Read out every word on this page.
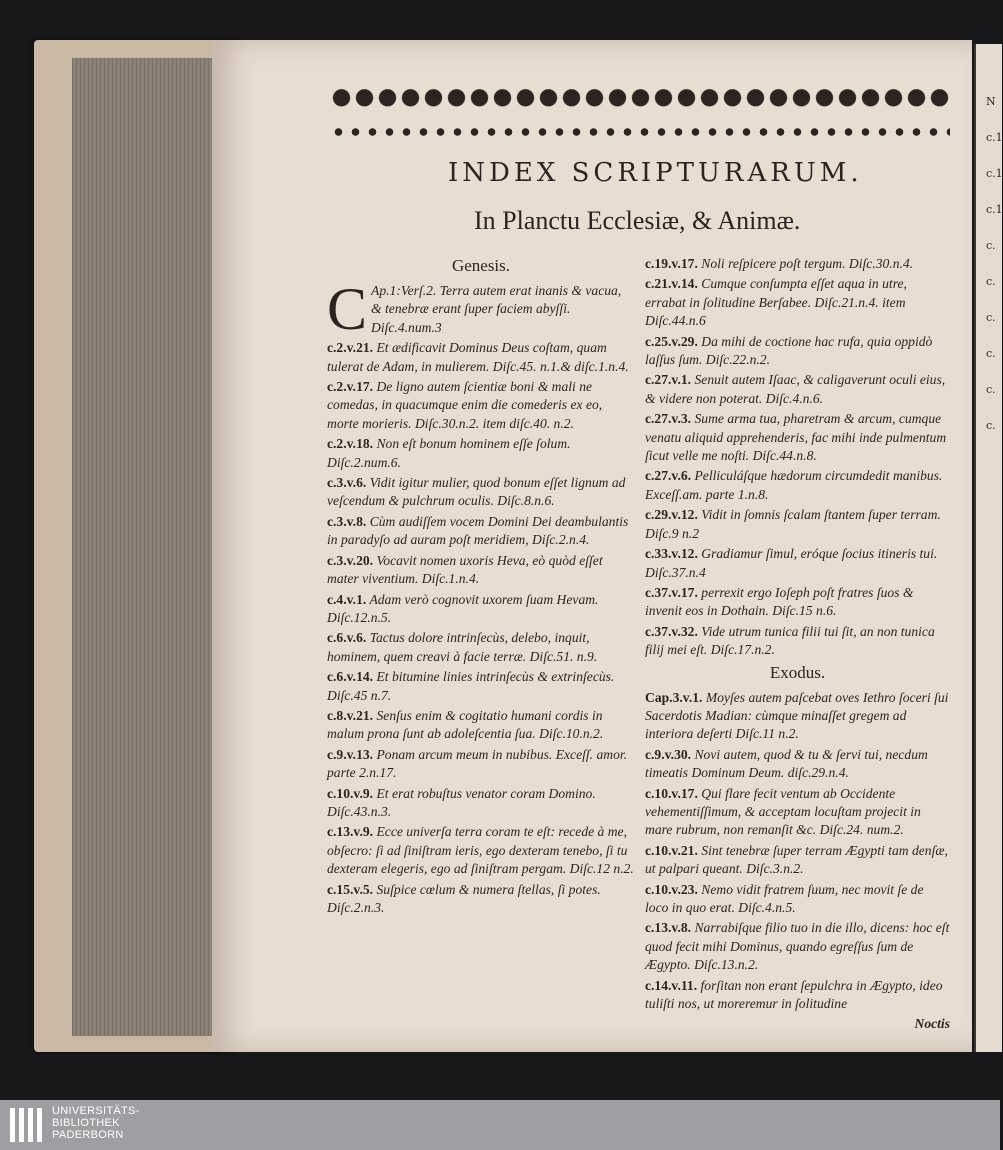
N
c.1
c.1
c.1
c.
c.
c.
c.
c.
c.
INDEX SCRIPTURARUM.
In Planctu Ecclesiæ, & Animæ.
Genesis.
CAp.1:Verſ.2. Terra autem erat inanis & vacua, & tenebræ erant ſuper faciem abyſſi. Diſc.4.num.3
c.2.v.21. Et ædificavit Dominus Deus coſtam, quam tulerat de Adam, in mulierem. Diſc.45. n.1.& diſc.1.n.4.
c.2.v.17. De ligno autem ſcientiæ boni & mali ne comedas, in quacumque enim die comederis ex eo, morte morieris. Diſc.30.n.2. item diſc.40. n.2.
c.2.v.18. Non eſt bonum hominem eſſe ſolum. Diſc.2.num.6.
c.3.v.6. Vidit igitur mulier, quod bonum eſſet lignum ad veſcendum & pulchrum oculis. Diſc.8.n.6.
c.3.v.8. Cùm audiſſem vocem Domini Dei deambulantis in paradyſo ad auram poſt meridiem, Diſc.2.n.4.
c.3.v.20. Vocavit nomen uxoris Heva, eò quòd eſſet mater viventium. Diſc.1.n.4.
c.4.v.1. Adam verò cognovit uxorem ſuam Hevam. Diſc.12.n.5.
c.6.v.6. Tactus dolore intrinſecùs, delebo, inquit, hominem, quem creavi à facie terræ. Diſc.51. n.9.
c.6.v.14. Et bitumine linies intrinſecùs & extrinſecùs. Diſc.45 n.7.
c.8.v.21. Senſus enim & cogitatio humani cordis in malum prona ſunt ab adoleſcentia ſua. Diſc.10.n.2.
c.9.v.13. Ponam arcum meum in nubibus. Exceſſ. amor. parte 2.n.17.
c.10.v.9. Et erat robuſtus venator coram Domino. Diſc.43.n.3.
c.13.v.9. Ecce univerſa terra coram te eſt: recede à me, obſecro: ſi ad ſiniſtram ieris, ego dexteram tenebo, ſi tu dexteram elegeris, ego ad ſiniſtram pergam. Diſc.12 n.2.
c.15.v.5. Suſpice cœlum & numera ſtellas, ſi potes. Diſc.2.n.3.
c.19.v.17. Noli reſpicere poſt tergum. Diſc.30.n.4.
c.21.v.14. Cumque conſumpta eſſet aqua in utre, errabat in ſolitudine Berſabee. Diſc.21.n.4. item Diſc.44.n.6
c.25.v.29. Da mihi de coctione hac rufa, quia oppidò laſſus ſum. Diſc.22.n.2.
c.27.v.1. Senuit autem Iſaac, & caligaverunt oculi eius, & videre non poterat. Diſc.4.n.6.
c.27.v.3. Sume arma tua, pharetram & arcum, cumque venatu aliquid apprehenderis, fac mihi inde pulmentum ſicut velle me noſti. Diſc.44.n.8.
c.27.v.6. Pelliculáſque hædorum circumdedit manibus. Exceſſ.am. parte 1.n.8.
c.29.v.12. Vidit in ſomnis ſcalam ſtantem ſuper terram. Diſc.9 n.2
c.33.v.12. Gradiamur ſimul, eróque ſocius itineris tui. Diſc.37.n.4
c.37.v.17. perrexit ergo Ioſeph poſt fratres ſuos & invenit eos in Dothain. Diſc.15 n.6.
c.37.v.32. Vide utrum tunica filii tui ſit, an non tunica filij mei eſt. Diſc.17.n.2.
Exodus.
Cap.3.v.1. Moyſes autem paſcebat oves Iethro ſoceri ſui Sacerdotis Madian: cùmque minaſſet gregem ad interiora deſerti Diſc.11 n.2.
c.9.v.30. Novi autem, quod & tu & ſervi tui, necdum timeatis Dominum Deum. diſc.29.n.4.
c.10.v.17. Qui flare fecit ventum ab Occidente vehementiſſimum, & acceptam locuſtam projecit in mare rubrum, non remanſit &c. Diſc.24. num.2.
c.10.v.21. Sint tenebræ ſuper terram Ægypti tam denſæ, ut palpari queant. Diſc.3.n.2.
c.10.v.23. Nemo vidit fratrem ſuum, nec movit ſe de loco in quo erat. Diſc.4.n.5.
c.13.v.8. Narrabiſque filio tuo in die illo, dicens: hoc eſt quod fecit mihi Dominus, quando egreſſus ſum de Ægypto. Diſc.13.n.2.
c.14.v.11. forſitan non erant ſepulchra in Ægypto, ideo tuliſti nos, ut moreremur in ſolitudine
Noctis
UNIVERSITÄTS-
BIBLIOTHEK
PADERBORN
